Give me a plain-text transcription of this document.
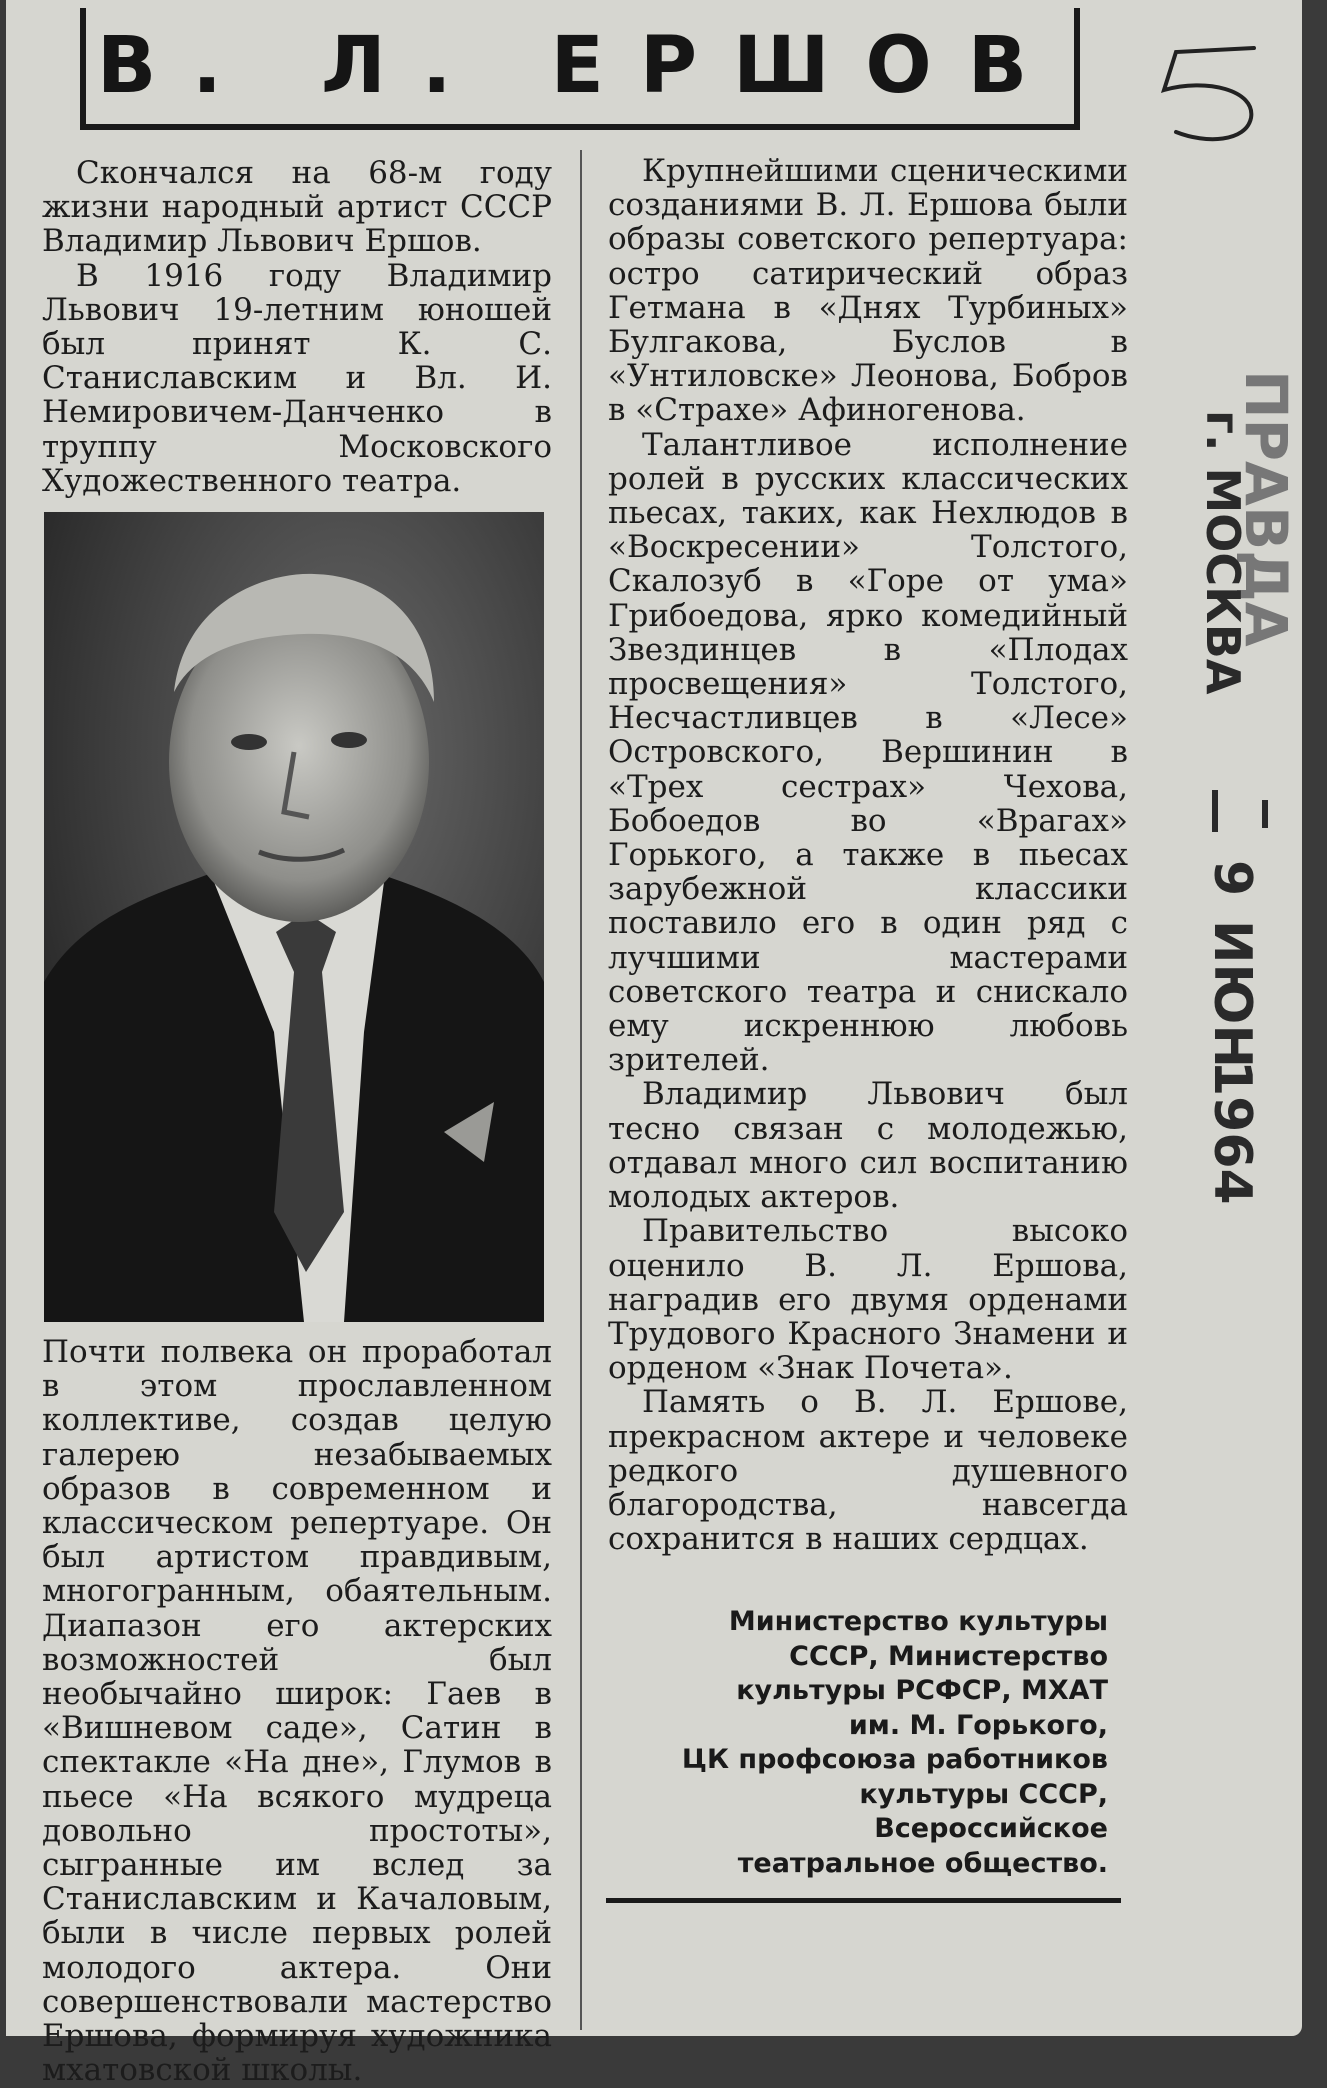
В. Л. ЕРШОВ

Скончался на 68-м году жизни народный артист СССР Владимир Львович Ершов.

В 1916 году Владимир Львович 19-летним юношей был принят К. С. Станиславским и Вл. И. Немировичем-Данченко в труппу Московского Художественного театра.

Почти полвека он проработал в этом прославленном коллективе, создав целую галерею незабываемых образов в современном и классическом репертуаре. Он был артистом правдивым, многогранным, обаятельным. Диапазон его актерских возможностей был необычайно широк: Гаев в «Вишневом саде», Сатин в спектакле «На дне», Глумов в пьесе «На всякого мудреца довольно простоты», сыгранные им вслед за Станиславским и Качаловым, были в числе первых ролей молодого актера. Они совершенствовали мастерство Ершова, формируя художника мхатовской школы.

Крупнейшими сценическими созданиями В. Л. Ершова были образы советского репертуара: остро сатирический образ Гетмана в «Днях Турбиных» Булгакова, Буслов в «Унтиловске» Леонова, Бобров в «Страхе» Афиногенова.

Талантливое исполнение ролей в русских классических пьесах, таких, как Нехлюдов в «Воскресении» Толстого, Скалозуб в «Горе от ума» Грибоедова, ярко комедийный Звездинцев в «Плодах просвещения» Толстого, Несчастливцев в «Лесе» Островского, Вершинин в «Трех сестрах» Чехова, Бобоедов во «Врагах» Горького, а также в пьесах зарубежной классики поставило его в один ряд с лучшими мастерами советского театра и снискало ему искреннюю любовь зрителей.

Владимир Львович был тесно связан с молодежью, отдавал много сил воспитанию молодых актеров.

Правительство высоко оценило В. Л. Ершова, наградив его двумя орденами Трудового Красного Знамени и орденом «Знак Почета».

Память о В. Л. Ершове, прекрасном актере и человеке редкого душевного благородства, навсегда сохранится в наших сердцах.

Министерство культуры
СССР, Министерство
культуры РСФСР, МХАТ
им. М. Горького,
ЦК профсоюза работников
культуры СССР,
Всероссийское
театральное общество.
ПРАВДА
г. МОСКВА
9
ИЮН
1964
